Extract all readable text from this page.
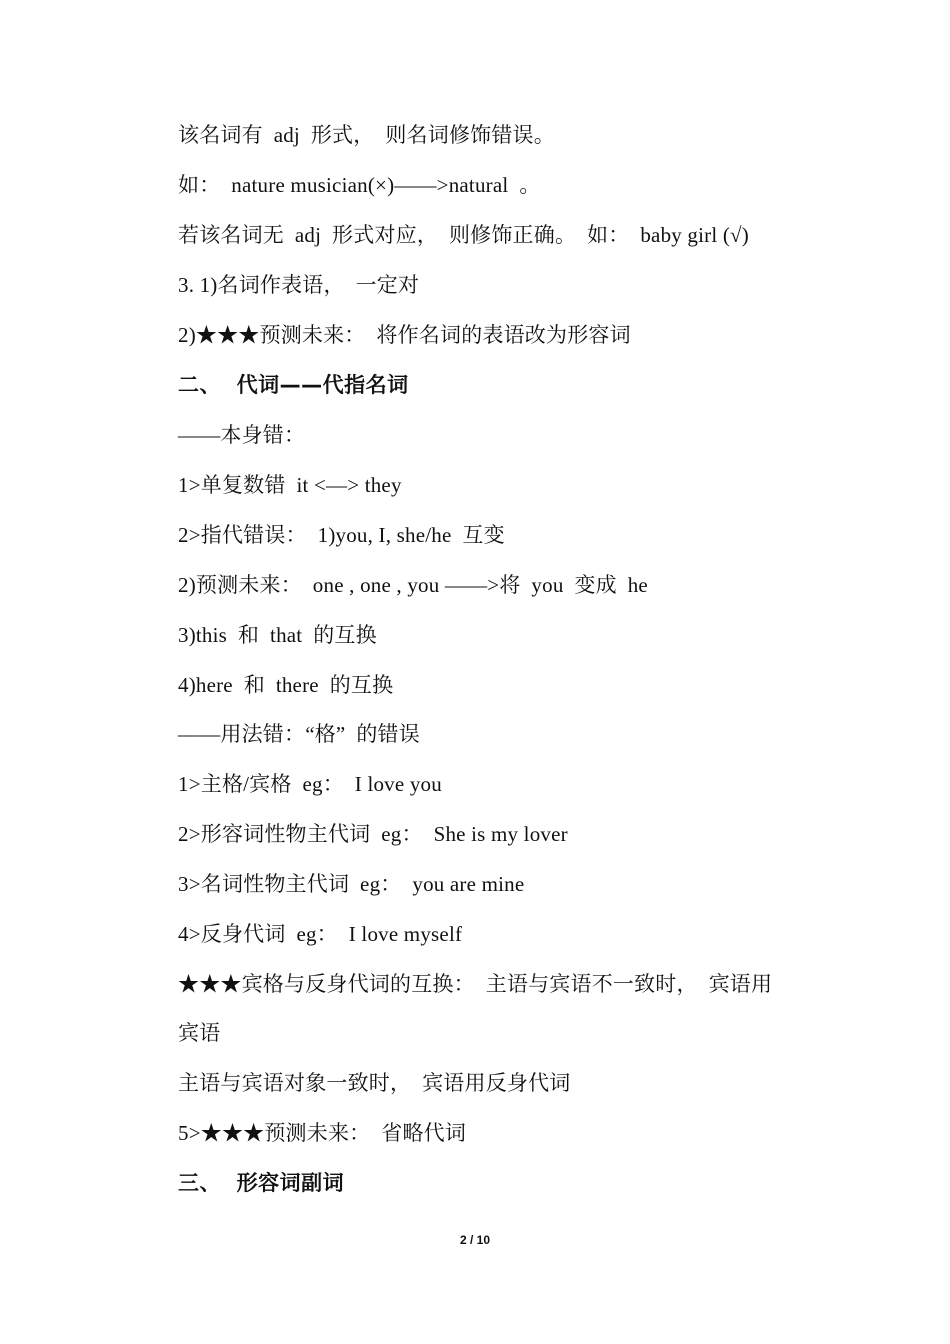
该名词有  adj  形式，  则名词修饰错误。
如：  nature musician(×)——>natural  。
若该名词无  adj  形式对应，  则修饰正确。  如：  baby girl (√)
3. 1)名词作表语，  一定对
2)★★★预测未来：  将作名词的表语改为形容词
二、  代词——代指名词
——本身错：
1>单复数错  it <—> they
2>指代错误：  1)you, I, she/he  互变
2)预测未来：  one , one , you ——>将  you  变成  he
3)this  和  that  的互换
4)here  和  there  的互换
——用法错：“格”  的错误
1>主格/宾格  eg：  I love you
2>形容词性物主代词  eg：  She is my lover
3>名词性物主代词  eg：  you are mine
4>反身代词  eg：  I love myself
★★★宾格与反身代词的互换：  主语与宾语不一致时，  宾语用
宾语
主语与宾语对象一致时，  宾语用反身代词
5>★★★预测未来：  省略代词
三、  形容词副词
2 / 10
